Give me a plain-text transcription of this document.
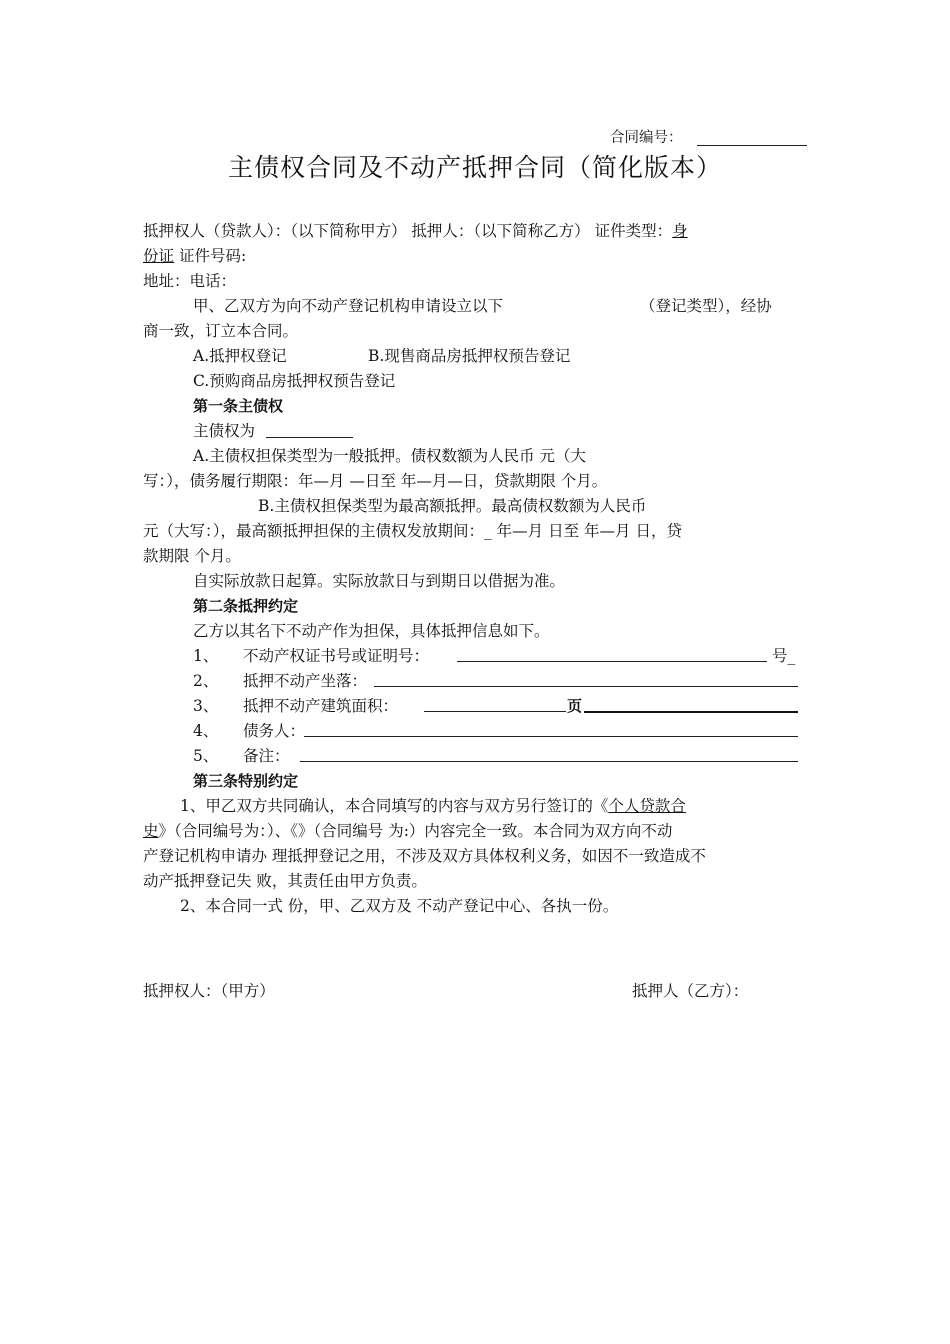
合同编号：
主债权合同及不动产抵押合同（简化版本）
抵押权人（贷款人）：（以下简称甲方） 抵押人：（以下简称乙方） 证件类型：身
份证 证件号码:
地址：电话：
甲、乙双方为向不动产登记机构申请设立以下	（登记类型），经协
商一致，订立本合同。
A.抵押权登记	B.现售商品房抵押权预告登记
C.预购商品房抵押权预告登记
第一条主债权
主债权为
A.主债权担保类型为一般抵押。债权数额为人民币 元（大
写：），债务履行期限：年—月 —日至 年—月—日，贷款期限 个月。
B.主债权担保类型为最高额抵押。最高债权数额为人民币
元（大写：），最高额抵押担保的主债权发放期间：_ 年—月 日至 年—月 日，贷
款期限 个月。
自实际放款日起算。实际放款日与到期日以借据为准。
第二条抵押约定
乙方以其名下不动产作为担保，具体抵押信息如下。
1、 不动产权证书号或证明号：	号_
2、 抵押不动产坐落：
3、 抵押不动产建筑面积：	页
4、 债务人：
5、 备注：
第三条特别约定
1、甲乙双方共同确认，本合同填写的内容与双方另行签订的《个人贷款合
史》（合同编号为：）、《》（合同编号 为:）内容完全一致。本合同为双方向不动
产登记机构申请办 理抵押登记之用，不涉及双方具体权利义务，如因不一致造成不
动产抵押登记失 败，其责任由甲方负责。
2、本合同一式 份，甲、乙双方及 不动产登记中心、各执一份。
抵押权人：（甲方）	抵押人（乙方）：
